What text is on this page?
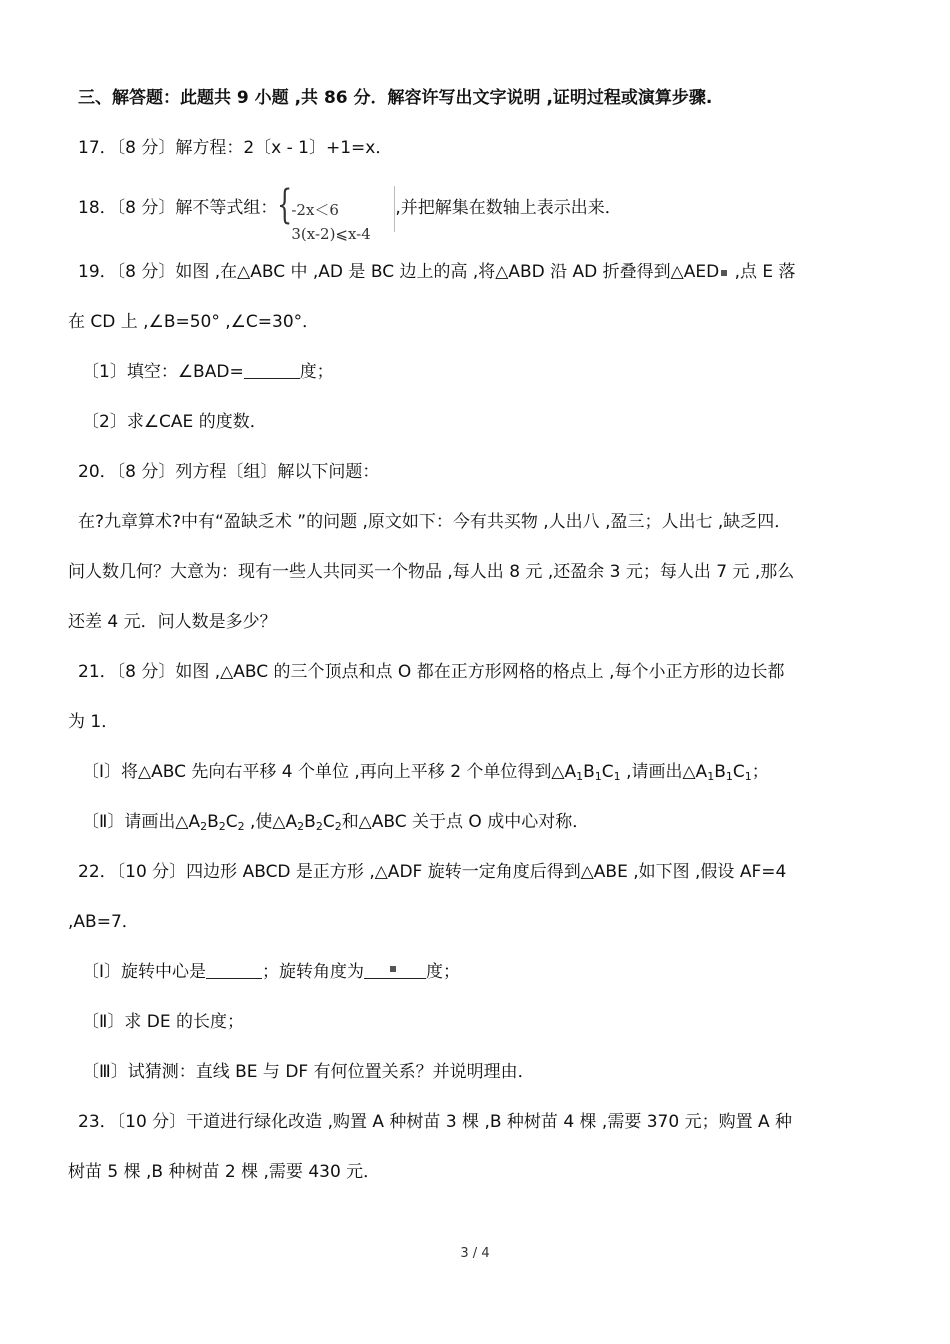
三、解答题：此题共 9 小题 ,共 86 分．解容许写出文字说明 ,证明过程或演算步骤.
17．〔8 分〕解方程：2〔x - 1〕+1=x．
18．〔8 分〕解不等式组： {
-2x＜6
3(x-2)⩽x-4
,并把解集在数轴上表示出来．
19．〔8 分〕如图 ,在△ABC 中 ,AD 是 BC 边上的高 ,将△ABD 沿 AD 折叠得到△AED ,点 E 落
在 CD 上 ,∠B=50° ,∠C=30°．
〔1〕填空：∠BAD=	度；
〔2〕求∠CAE 的度数．
20．〔8 分〕列方程〔组〕解以下问题：
在?九章算术?中有“盈缺乏术 ”的问题 ,原文如下：今有共买物 ,人出八 ,盈三；人出七 ,缺乏四．
问人数几何？大意为：现有一些人共同买一个物品 ,每人出 8 元 ,还盈余 3 元；每人出 7 元 ,那么
还差 4 元．问人数是多少？
21．〔8 分〕如图 ,△ABC 的三个顶点和点 O 都在正方形网格的格点上 ,每个小正方形的边长都
为 1．
〔Ⅰ〕将△ABC 先向右平移 4 个单位 ,再向上平移 2 个单位得到$\triangle A_1B_1C_1$ ,请画出$\triangle A_1B_1C_1$；
〔Ⅱ〕请画出$\triangle A_2B_2C_2$ ,使$\triangle A_2B_2C_2$和△ABC 关于点 O 成中心对称．
22．〔10 分〕四边形 ABCD 是正方形 ,△ADF 旋转一定角度后得到△ABE ,如下图 ,假设 AF=4
,AB=7．
〔Ⅰ〕旋转中心是	；旋转角度为	度；
〔Ⅱ〕求 DE 的长度；
〔Ⅲ〕试猜测：直线 BE 与 DF 有何位置关系？并说明理由．
23．〔10 分〕干道进行绿化改造 ,购置 A 种树苗 3 棵 ,B 种树苗 4 棵 ,需要 370 元；购置 A 种
树苗 5 棵 ,B 种树苗 2 棵 ,需要 430 元．
3 / 4
